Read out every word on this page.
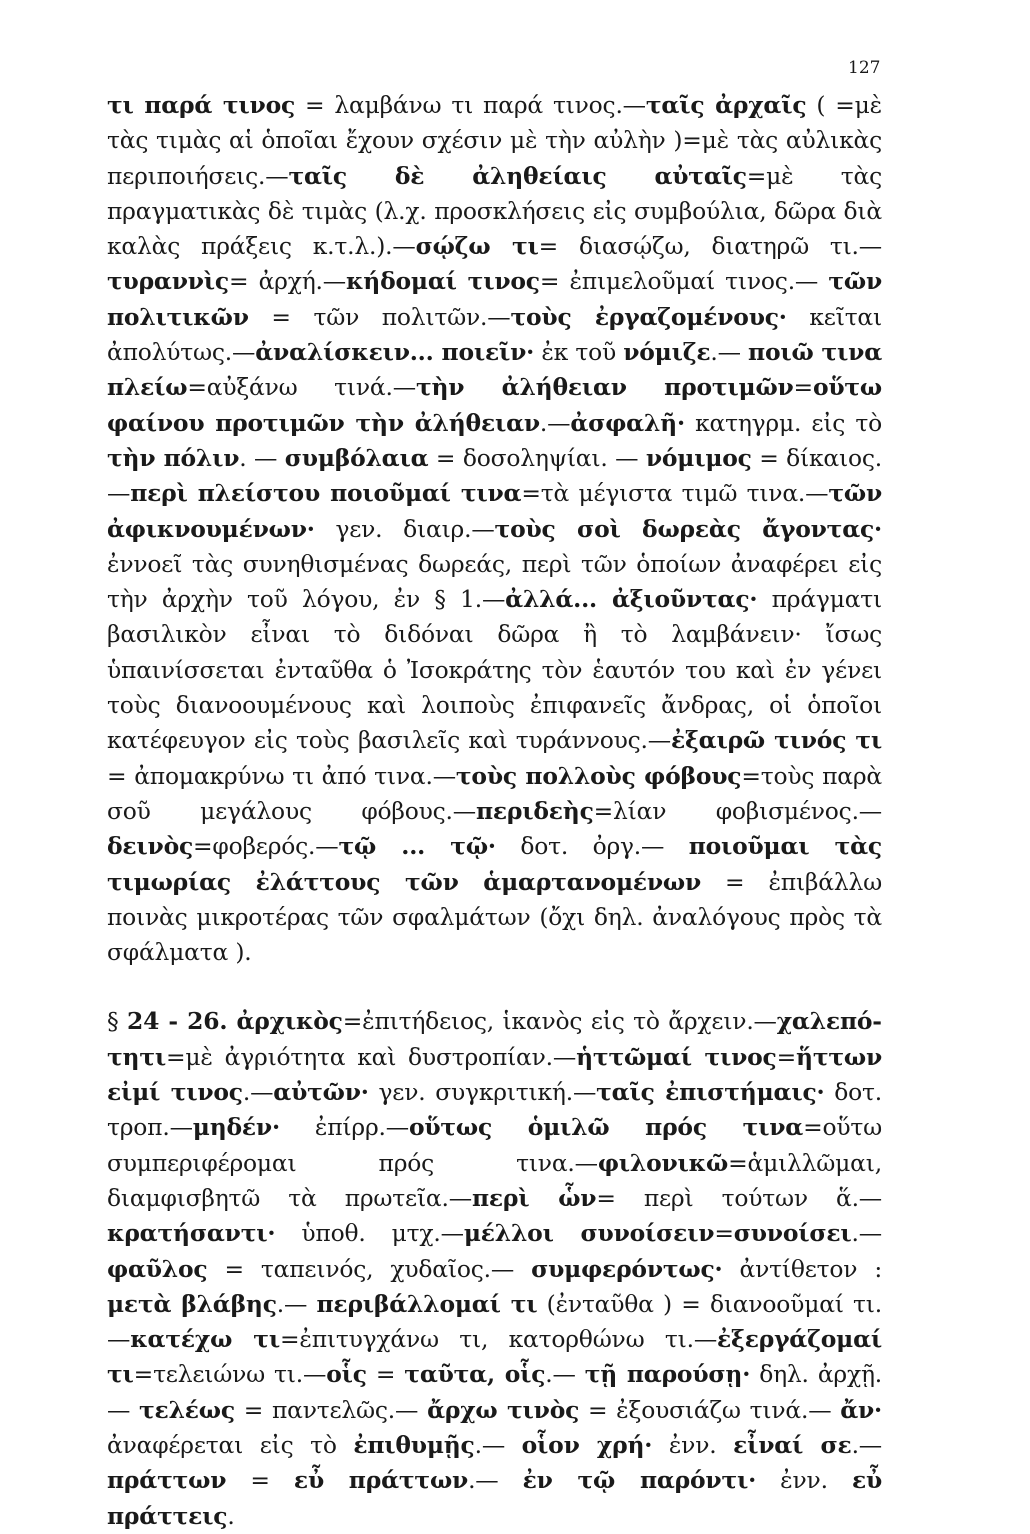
127

τι παρά τινος = λαμβάνω τι παρά τινος.—ταῖς ἀρχαῖς ( =μὲ τὰς τιμὰς αἱ ὁποῖαι ἔχουν σχέσιν μὲ τὴν αὐλὴν )=μὲ τὰς αὐλικὰς περιποιήσεις.—ταῖς δὲ ἀληθείαις αὐταῖς=μὲ τὰς πραγματικὰς δὲ τιμὰς (λ.χ. προσκλήσεις εἰς συμβούλια, δῶρα διὰ καλὰς πράξεις κ.τ.λ.).—σῴζω τι= διασῴζω, διατηρῶ τι.—τυραννὶς= ἀρχή.—κήδομαί τινος= ἐπιμελοῦμαί τινος.— τῶν πολιτικῶν = τῶν πολιτῶν.—τοὺς ἐργαζομένους· κεῖται ἀπολύτως.—ἀναλίσκειν... ποιεῖν· ἐκ τοῦ νόμιζε.— ποιῶ τινα πλείω=αὐξάνω τινά.—τὴν ἀλήθειαν προτιμῶν=οὕτω φαίνου προτιμῶν τὴν ἀλήθειαν.—ἀσφαλῆ· κατηγρμ. εἰς τὸ τὴν πόλιν. — συμβόλαια = δοσοληψίαι. — νόμιμος = δίκαιος. —περὶ πλείστου ποιοῦμαί τινα=τὰ μέγιστα τιμῶ τινα.—τῶν ἀφικνουμένων· γεν. διαιρ.—τοὺς σοὶ δωρεὰς ἄγοντας· ἐννοεῖ τὰς συνηθισμένας δωρεάς, περὶ τῶν ὁποίων ἀναφέρει εἰς τὴν ἀρχὴν τοῦ λόγου, ἐν § 1.—ἀλλά... ἀξιοῦντας· πράγματι βασιλικὸν εἶναι τὸ διδόναι δῶρα ἢ τὸ λαμβάνειν· ἴσως ὑπαινίσσεται ἐνταῦθα ὁ Ἰσοκράτης τὸν ἑαυτόν του καὶ ἐν γένει τοὺς διανοουμένους καὶ λοιποὺς ἐπιφανεῖς ἄνδρας, οἱ ὁποῖοι κατέφευγον εἰς τοὺς βασιλεῖς καὶ τυράννους.—ἐξαιρῶ τινός τι = ἀπομακρύνω τι ἀπό τινα.—τοὺς πολλοὺς φόβους=τοὺς παρὰ σοῦ μεγάλους φόβους.—περιδεὴς=λίαν φοβισμένος.— δεινὸς=φοβερός.—τῷ ... τῷ· δοτ. ὀργ.— ποιοῦμαι τὰς τιμωρίας ἐλάττους τῶν ἁμαρτανομένων = ἐπιβάλλω ποινὰς μικροτέρας τῶν σφαλμάτων (ὄχι δηλ. ἀναλόγους πρὸς τὰ σφάλματα ).

§ 24 - 26. ἀρχικὸς=ἐπιτήδειος, ἱκανὸς εἰς τὸ ἄρχειν.—χαλεπότητι=μὲ ἀγριότητα καὶ δυστροπίαν.—ἡττῶμαί τινος=ἥττων εἰμί τινος.—αὐτῶν· γεν. συγκριτική.—ταῖς ἐπιστήμαις· δοτ. τροπ.—μηδέν· ἐπίρρ.—οὕτως ὁμιλῶ πρός τινα=οὕτω συμπεριφέρομαι πρός τινα.—φιλονικῶ=ἁμιλλῶμαι, διαμφισβητῶ τὰ πρωτεῖα.—περὶ ὧν= περὶ τούτων ἅ.—κρατήσαντι· ὑποθ. μτχ.—μέλλοι συνοίσειν=συνοίσει.— φαῦλος = ταπεινός, χυδαῖος.— συμφερόντως· ἀντίθετον : μετὰ βλάβης.— περιβάλλομαί τι (ἐνταῦθα ) = διανοοῦμαί τι.—κατέχω τι=ἐπιτυγχάνω τι, κατορθώνω τι.—ἐξεργάζομαί τι=τελειώνω τι.—οἷς = ταῦτα, οἷς.— τῇ παρούσῃ· δηλ. ἀρχῇ.— τελέως = παντελῶς.— ἄρχω τινὸς = ἐξουσιάζω τινά.— ἄν· ἀναφέρεται εἰς τὸ ἐπιθυμῇς.— οἷον χρή· ἐνν. εἶναί σε.— πράττων = εὖ πράττων.— ἐν τῷ παρόντι· ἐνν. εὖ πράττεις.
